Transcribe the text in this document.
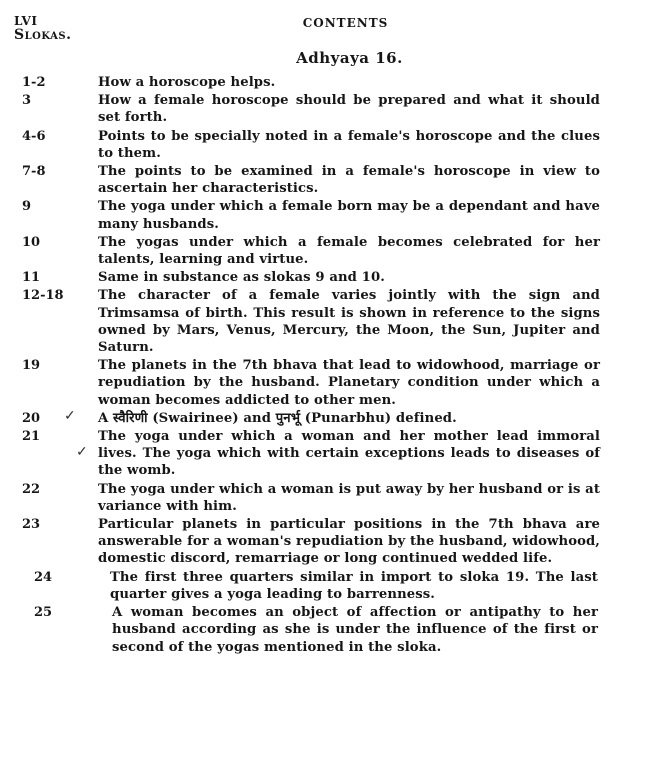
LVI
Slokas.
CONTENTS
Adhyaya 16.
1-2	How a horoscope helps.
3	How a female horoscope should be prepared and what it should set forth.
4-6	Points to be specially noted in a female's horoscope and the clues to them.
7-8	The points to be examined in a female's horoscope in view to ascertain her characteristics.
9	The yoga under which a female born may be a dependant and have many husbands.
10	The yogas under which a female becomes celebrated for her talents, learning and virtue.
11	Same in substance as slokas 9 and 10.
12-18	The character of a female varies jointly with the sign and Trimsamsa of birth. This result is shown in reference to the signs owned by Mars, Venus, Mercury, the Moon, the Sun, Jupiter and Saturn.
19	The planets in the 7th bhava that lead to widowhood, marriage or repudiation by the husband. Planetary condition under which a woman becomes addicted to other men.
✓
20	A स्वैरिणी (Swairinee) and पुनर्भू (Punarbhu) defined.
✓
21	The yoga under which a woman and her mother lead immoral lives. The yoga which with certain exceptions leads to diseases of the womb.
22	The yoga under which a woman is put away by her husband or is at variance with him.
23	Particular planets in particular positions in the 7th bhava are answerable for a woman's repudiation by the husband, widowhood, domestic discord, remarriage or long continued wedded life.
24	The first three quarters similar in import to sloka 19. The last quarter gives a yoga leading to barrenness.
25	A woman becomes an object of affection or antipathy to her husband according as she is under the influence of the first or second of the yogas mentioned in the sloka.
